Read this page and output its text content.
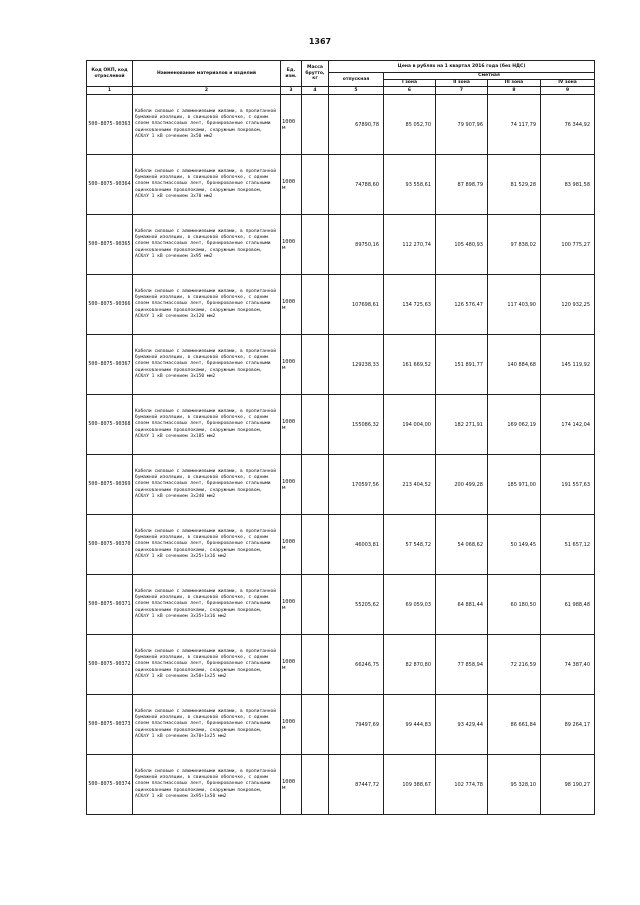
1367
Код ОКП, код отраслевой	Наименование материалов и изделий	Ед. изм.	Масса брутто, кг	Цена в рублях на 1 квартал 2016 года (без НДС)				
				отпускная	Сметная			
					I зона	II зона	III зона	IV зона
1	2	3	4	5	6	7	8	9
500-8075-90363	Кабели силовые с алюминиевыми жилами, в пропитанной бумажной изоляции, в свинцовой оболочке, с одним слоем пластмассовых лент, бронированные стальными оцинкованными проволоками, снаружным покровом, АСКлУ 1 кВ сечением 3х50 мм2	1000 м		67890,78	85 052,70	79 907,96	74 117,79	76 344,92
500-8075-90364	Кабели силовые с алюминиевыми жилами, в пропитанной бумажной изоляции, в свинцовой оболочке, с одним слоем пластмассовых лент, бронированные стальными оцинкованными проволоками, снаружным покровом, АСКлУ 1 кВ сечением 3х70 мм2	1000 м		74788,60	93 558,61	87 898,79	81 529,28	83 981,58
500-8075-90365	Кабели силовые с алюминиевыми жилами, в пропитанной бумажной изоляции, в свинцовой оболочке, с одним слоем пластмассовых лент, бронированные стальными оцинкованными проволоками, снаружным покровом, АСКлУ 1 кВ сечением 3х95 мм2	1000 м		89750,16	112 270,74	105 480,93	97 838,02	100 775,27
500-8075-90366	Кабели силовые с алюминиевыми жилами, в пропитанной бумажной изоляции, в свинцовой оболочке, с одним слоем пластмассовых лент, бронированные стальными оцинкованными проволоками, снаружным покровом, АСКлУ 1 кВ сечением 3х120 мм2	1000 м		107698,61	134 725,63	126 576,47	117 403,90	120 932,25
500-8075-90367	Кабели силовые с алюминиевыми жилами, в пропитанной бумажной изоляции, в свинцовой оболочке, с одним слоем пластмассовых лент, бронированные стальными оцинкованными проволоками, снаружным покровом, АСКлУ 1 кВ сечением 3х150 мм2	1000 м		129238,33	161 669,52	151 891,77	140 884,68	145 119,92
500-8075-90368	Кабели силовые с алюминиевыми жилами, в пропитанной бумажной изоляции, в свинцовой оболочке, с одним слоем пластмассовых лент, бронированные стальными оцинкованными проволоками, снаружным покровом, АСКлУ 1 кВ сечением 3х185 мм2	1000 м		155086,32	194 004,00	182 271,91	169 062,19	174 142,04
500-8075-90369	Кабели силовые с алюминиевыми жилами, в пропитанной бумажной изоляции, в свинцовой оболочке, с одним слоем пластмассовых лент, бронированные стальными оцинкованными проволоками, снаружным покровом, АСКлУ 1 кВ сечением 3х240 мм2	1000 м		170597,56	213 404,52	200 499,28	185 971,00	191 557,63
500-8075-90370	Кабели силовые с алюминиевыми жилами, в пропитанной бумажной изоляции, в свинцовой оболочке, с одним слоем пластмассовых лент, бронированные стальными оцинкованными проволоками, снаружным покровом, АСКлУ 1 кВ сечением 3х25+1х16 мм2	1000 м		46003,81	57 548,72	54 068,62	50 149,45	51 657,12
500-8075-90371	Кабели силовые с алюминиевыми жилами, в пропитанной бумажной изоляции, в свинцовой оболочке, с одним слоем пластмассовых лент, бронированные стальными оцинкованными проволоками, снаружным покровом, АСКлУ 1 кВ сечением 3х35+1х16 мм2	1000 м		55205,62	69 059,03	64 881,44	60 180,50	61 988,48
500-8075-90372	Кабели силовые с алюминиевыми жилами, в пропитанной бумажной изоляции, в свинцовой оболочке, с одним слоем пластмассовых лент, бронированные стальными оцинкованными проволоками, снаружным покровом, АСКлУ 1 кВ сечением 3х50+1х25 мм2	1000 м		66246,75	82 870,80	77 858,94	72 216,59	74 387,40
500-8075-90373	Кабели силовые с алюминиевыми жилами, в пропитанной бумажной изоляции, в свинцовой оболочке, с одним слоем пластмассовых лент, бронированные стальными оцинкованными проволоками, снаружным покровом, АСКлУ 1 кВ сечением 3х70+1х25 мм2	1000 м		79497,69	99 444,83	93 429,44	86 661,84	89 264,17
500-8075-90374	Кабели силовые с алюминиевыми жилами, в пропитанной бумажной изоляции, в свинцовой оболочке, с одним слоем пластмассовых лент, бронированные стальными оцинкованными проволоками, снаружным покровом, АСКлУ 1 кВ сечением 3х95+1х50 мм2	1000 м		87447,72	109 388,67	102 774,78	95 328,10	98 190,27
